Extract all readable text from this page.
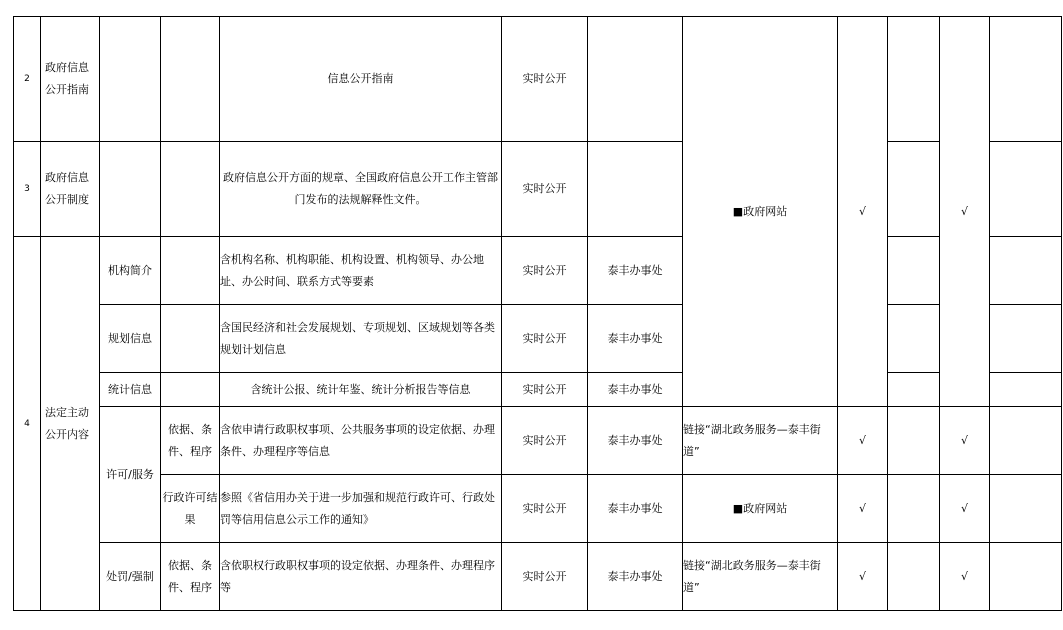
2	政府信息公开指南			信息公开指南	实时公开		■政府网站	√		√	
3	政府信息公开制度			政府信息公开方面的规章、全国政府信息公开工作主管部门发布的法规解释性文件。	实时公开						
4	法定主动公开内容	机构简介		含机构名称、机构职能、机构设置、机构领导、办公地址、办公时间、联系方式等要素	实时公开	泰丰办事处					
		规划信息		含国民经济和社会发展规划、专项规划、区域规划等各类规划计划信息	实时公开	泰丰办事处					
		统计信息		含统计公报、统计年鉴、统计分析报告等信息	实时公开	泰丰办事处					
		许可/服务	依据、条件、程序	含依申请行政职权事项、公共服务事项的设定依据、办理条件、办理程序等信息	实时公开	泰丰办事处	链接“湖北政务服务—泰丰街道”	√		√	
			行政许可结果	参照《省信用办关于进一步加强和规范行政许可、行政处罚等信用信息公示工作的通知》	实时公开	泰丰办事处	■政府网站	√		√	
		处罚/强制	依据、条件、程序	含依职权行政职权事项的设定依据、办理条件、办理程序等	实时公开	泰丰办事处	链接“湖北政务服务—泰丰街道”	√		√	
